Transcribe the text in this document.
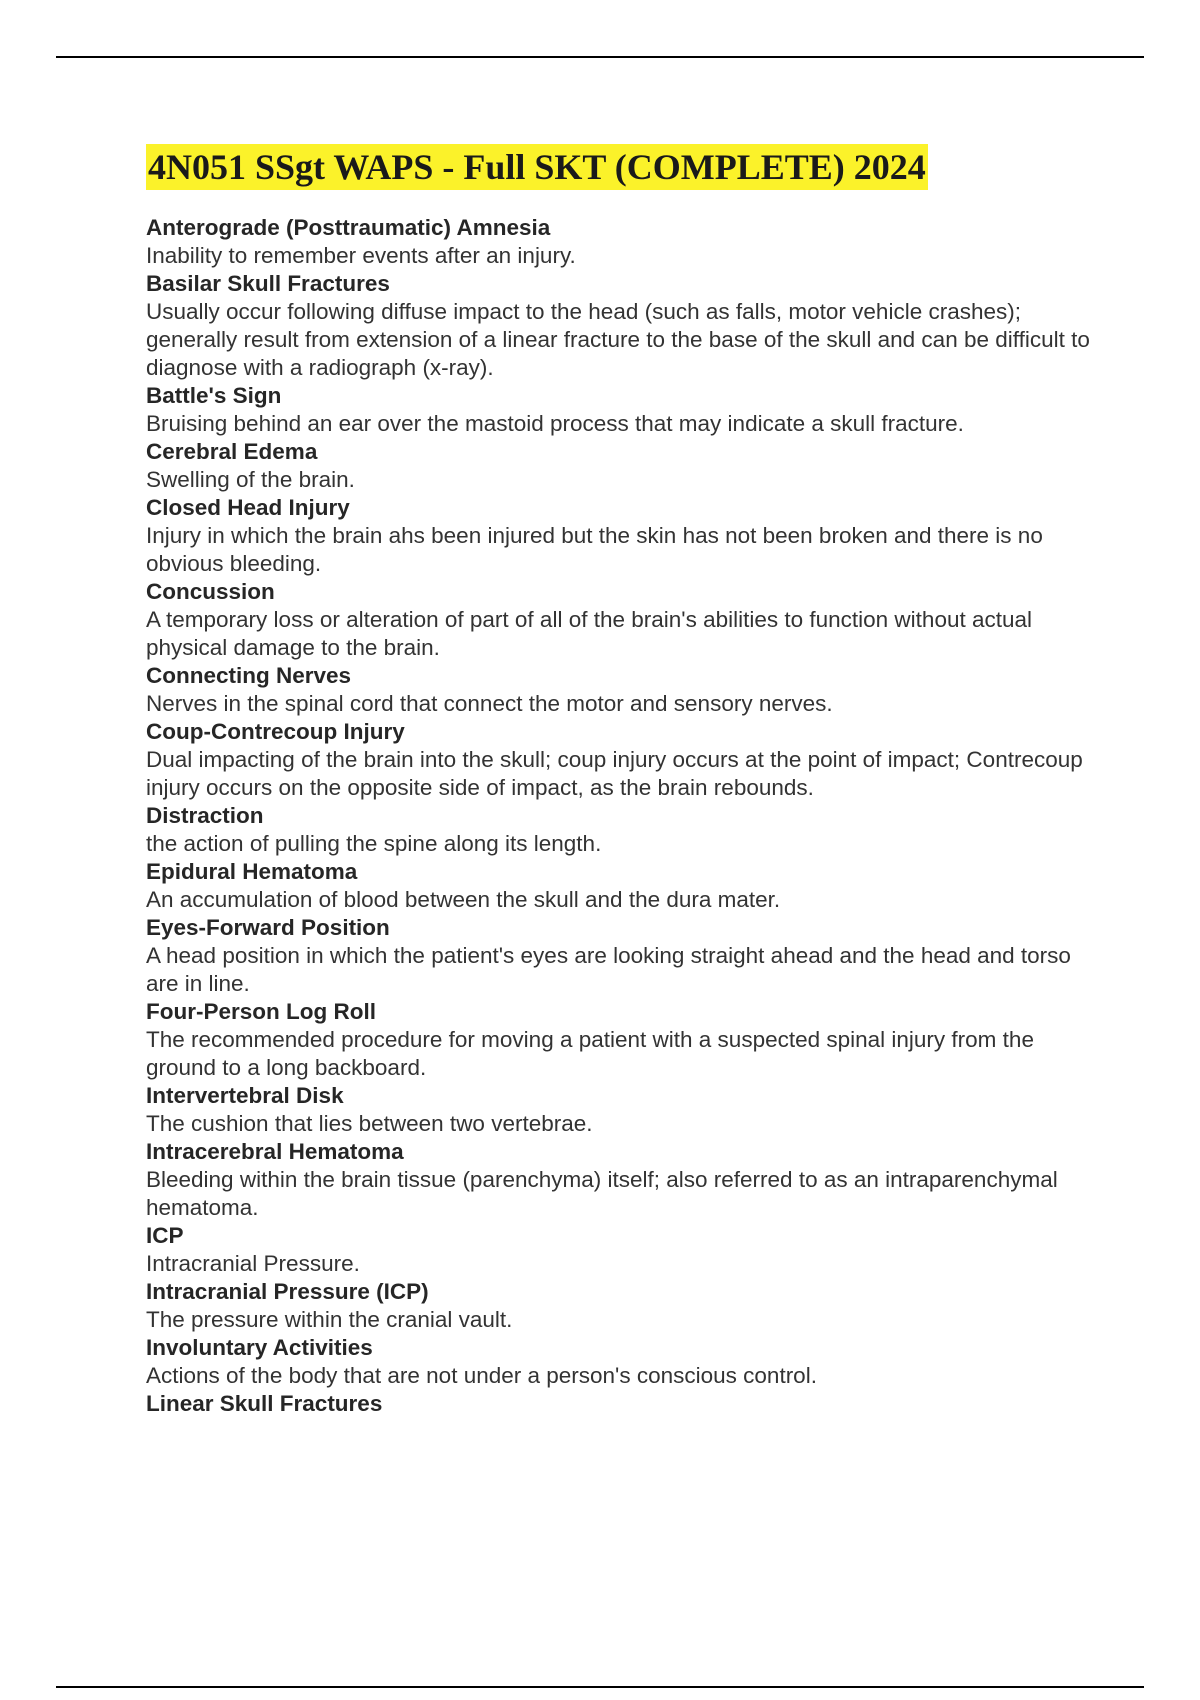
4N051 SSgt WAPS - Full SKT (COMPLETE) 2024

Anterograde (Posttraumatic) Amnesia

Inability to remember events after an injury.

Basilar Skull Fractures

Usually occur following diffuse impact to the head (such as falls, motor vehicle crashes); generally result from extension of a linear fracture to the base of the skull and can be difficult to diagnose with a radiograph (x-ray).

Battle's Sign

Bruising behind an ear over the mastoid process that may indicate a skull fracture.

Cerebral Edema

Swelling of the brain.

Closed Head Injury

Injury in which the brain ahs been injured but the skin has not been broken and there is no obvious bleeding.

Concussion

A temporary loss or alteration of part of all of the brain's abilities to function without actual physical damage to the brain.

Connecting Nerves

Nerves in the spinal cord that connect the motor and sensory nerves.

Coup-Contrecoup Injury

Dual impacting of the brain into the skull; coup injury occurs at the point of impact; Contrecoup injury occurs on the opposite side of impact, as the brain rebounds.

Distraction

the action of pulling the spine along its length.

Epidural Hematoma

An accumulation of blood between the skull and the dura mater.

Eyes-Forward Position

A head position in which the patient's eyes are looking straight ahead and the head and torso are in line.

Four-Person Log Roll

The recommended procedure for moving a patient with a suspected spinal injury from the ground to a long backboard.

Intervertebral Disk

The cushion that lies between two vertebrae.

Intracerebral Hematoma

Bleeding within the brain tissue (parenchyma) itself; also referred to as an intraparenchymal hematoma.

ICP

Intracranial Pressure.

Intracranial Pressure (ICP)

The pressure within the cranial vault.

Involuntary Activities

Actions of the body that are not under a person's conscious control.

Linear Skull Fractures
